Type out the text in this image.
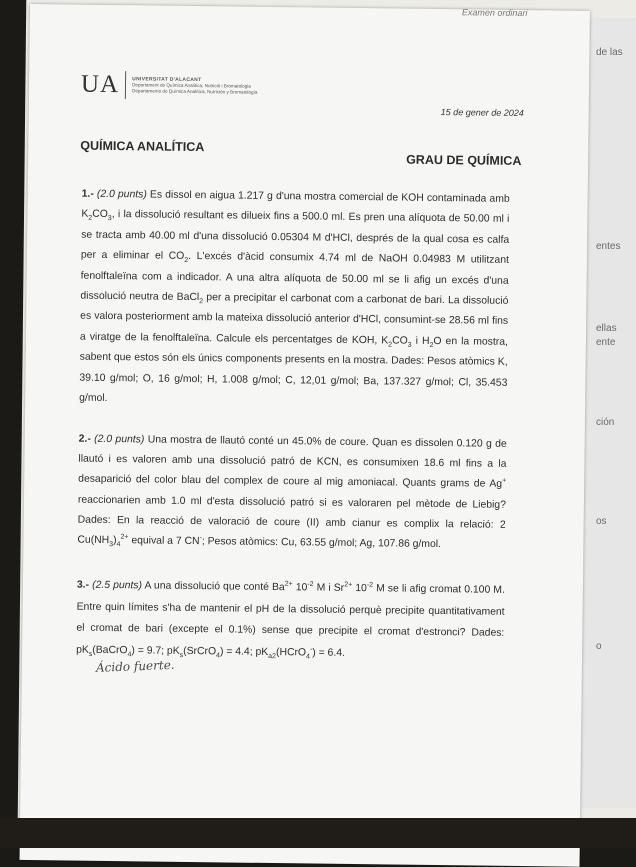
de las
entes
ellas
ente
ción
os
o
Examen ordinari
UA	UNIVERSITAT D'ALACANT
Departament de Química Analítica, Nutrició i Bromatologia
Departamento de Química Analítica, Nutrición y Bromatología
15 de gener de 2024
QUÍMICA ANALÍTICA
GRAU DE QUÍMICA
1.- (2.0 punts) Es dissol en aigua 1.217 g d'una mostra comercial de KOH contaminada amb $K_2CO_3$, i la dissolució resultant es dilueix fins a 500.0 ml. Es pren una alíquota de 50.00 ml i se tracta amb 40.00 ml d'una dissolució 0.05304 M d'HCl, després de la qual cosa es calfa per a eliminar el $CO_2$. L'excés d'àcid consumix 4.74 ml de NaOH 0.04983 M utilitzant fenolftaleïna com a indicador. A una altra alíquota de 50.00 ml se li afig un excés d'una dissolució neutra de BaCl$_2$ per a precipitar el carbonat com a carbonat de bari. La dissolució es valora posteriorment amb la mateixa dissolució anterior d'HCl, consumint-se 28.56 ml fins a viratge de la fenolftaleïna. Calcule els percentatges de KOH, $K_2CO_3$ i $H_2O$ en la mostra, sabent que estos són els únics components presents en la mostra. Dades: Pesos atòmics K, 39.10 g/mol; O, 16 g/mol; H, 1.008 g/mol; C, 12,01 g/mol; Ba, 137.327 g/mol; Cl, 35.453 g/mol.
2.- (2.0 punts) Una mostra de llautó conté un 45.0% de coure. Quan es dissolen 0.120 g de llautó i es valoren amb una dissolució patró de KCN, es consumixen 18.6 ml fins a la desaparició del color blau del complex de coure al mig amoniacal. Quants grams de Ag+ reaccionarien amb 1.0 ml d'esta dissolució patró si es valoraren pel mètode de Liebig? Dades: En la reacció de valoració de coure (II) amb cianur es complix la relació: 2 $Cu(NH_3)_4^{2+}$ equival a 7 CN-; Pesos atòmics: Cu, 63.55 g/mol; Ag, 107.86 g/mol.
3.- (2.5 punts) A una dissolució que conté $Ba^{2+}$ $10^{-2}$ M i $Sr^{2+}$ $10^{-2}$ M se li afig cromat 0.100 M. Entre quin límites s'ha de mantenir el pH de la dissolució perquè precipite quantitativament el cromat de bari (excepte el 0.1%) sense que precipite el cromat d'estronci? Dades: $pK_s(BaCrO_4) = 9.7$; $pK_s(SrCrO_4) = 4.4$; $pK_{a2}(HCrO_4^-) = 6.4$.
Ácido fuerte.
